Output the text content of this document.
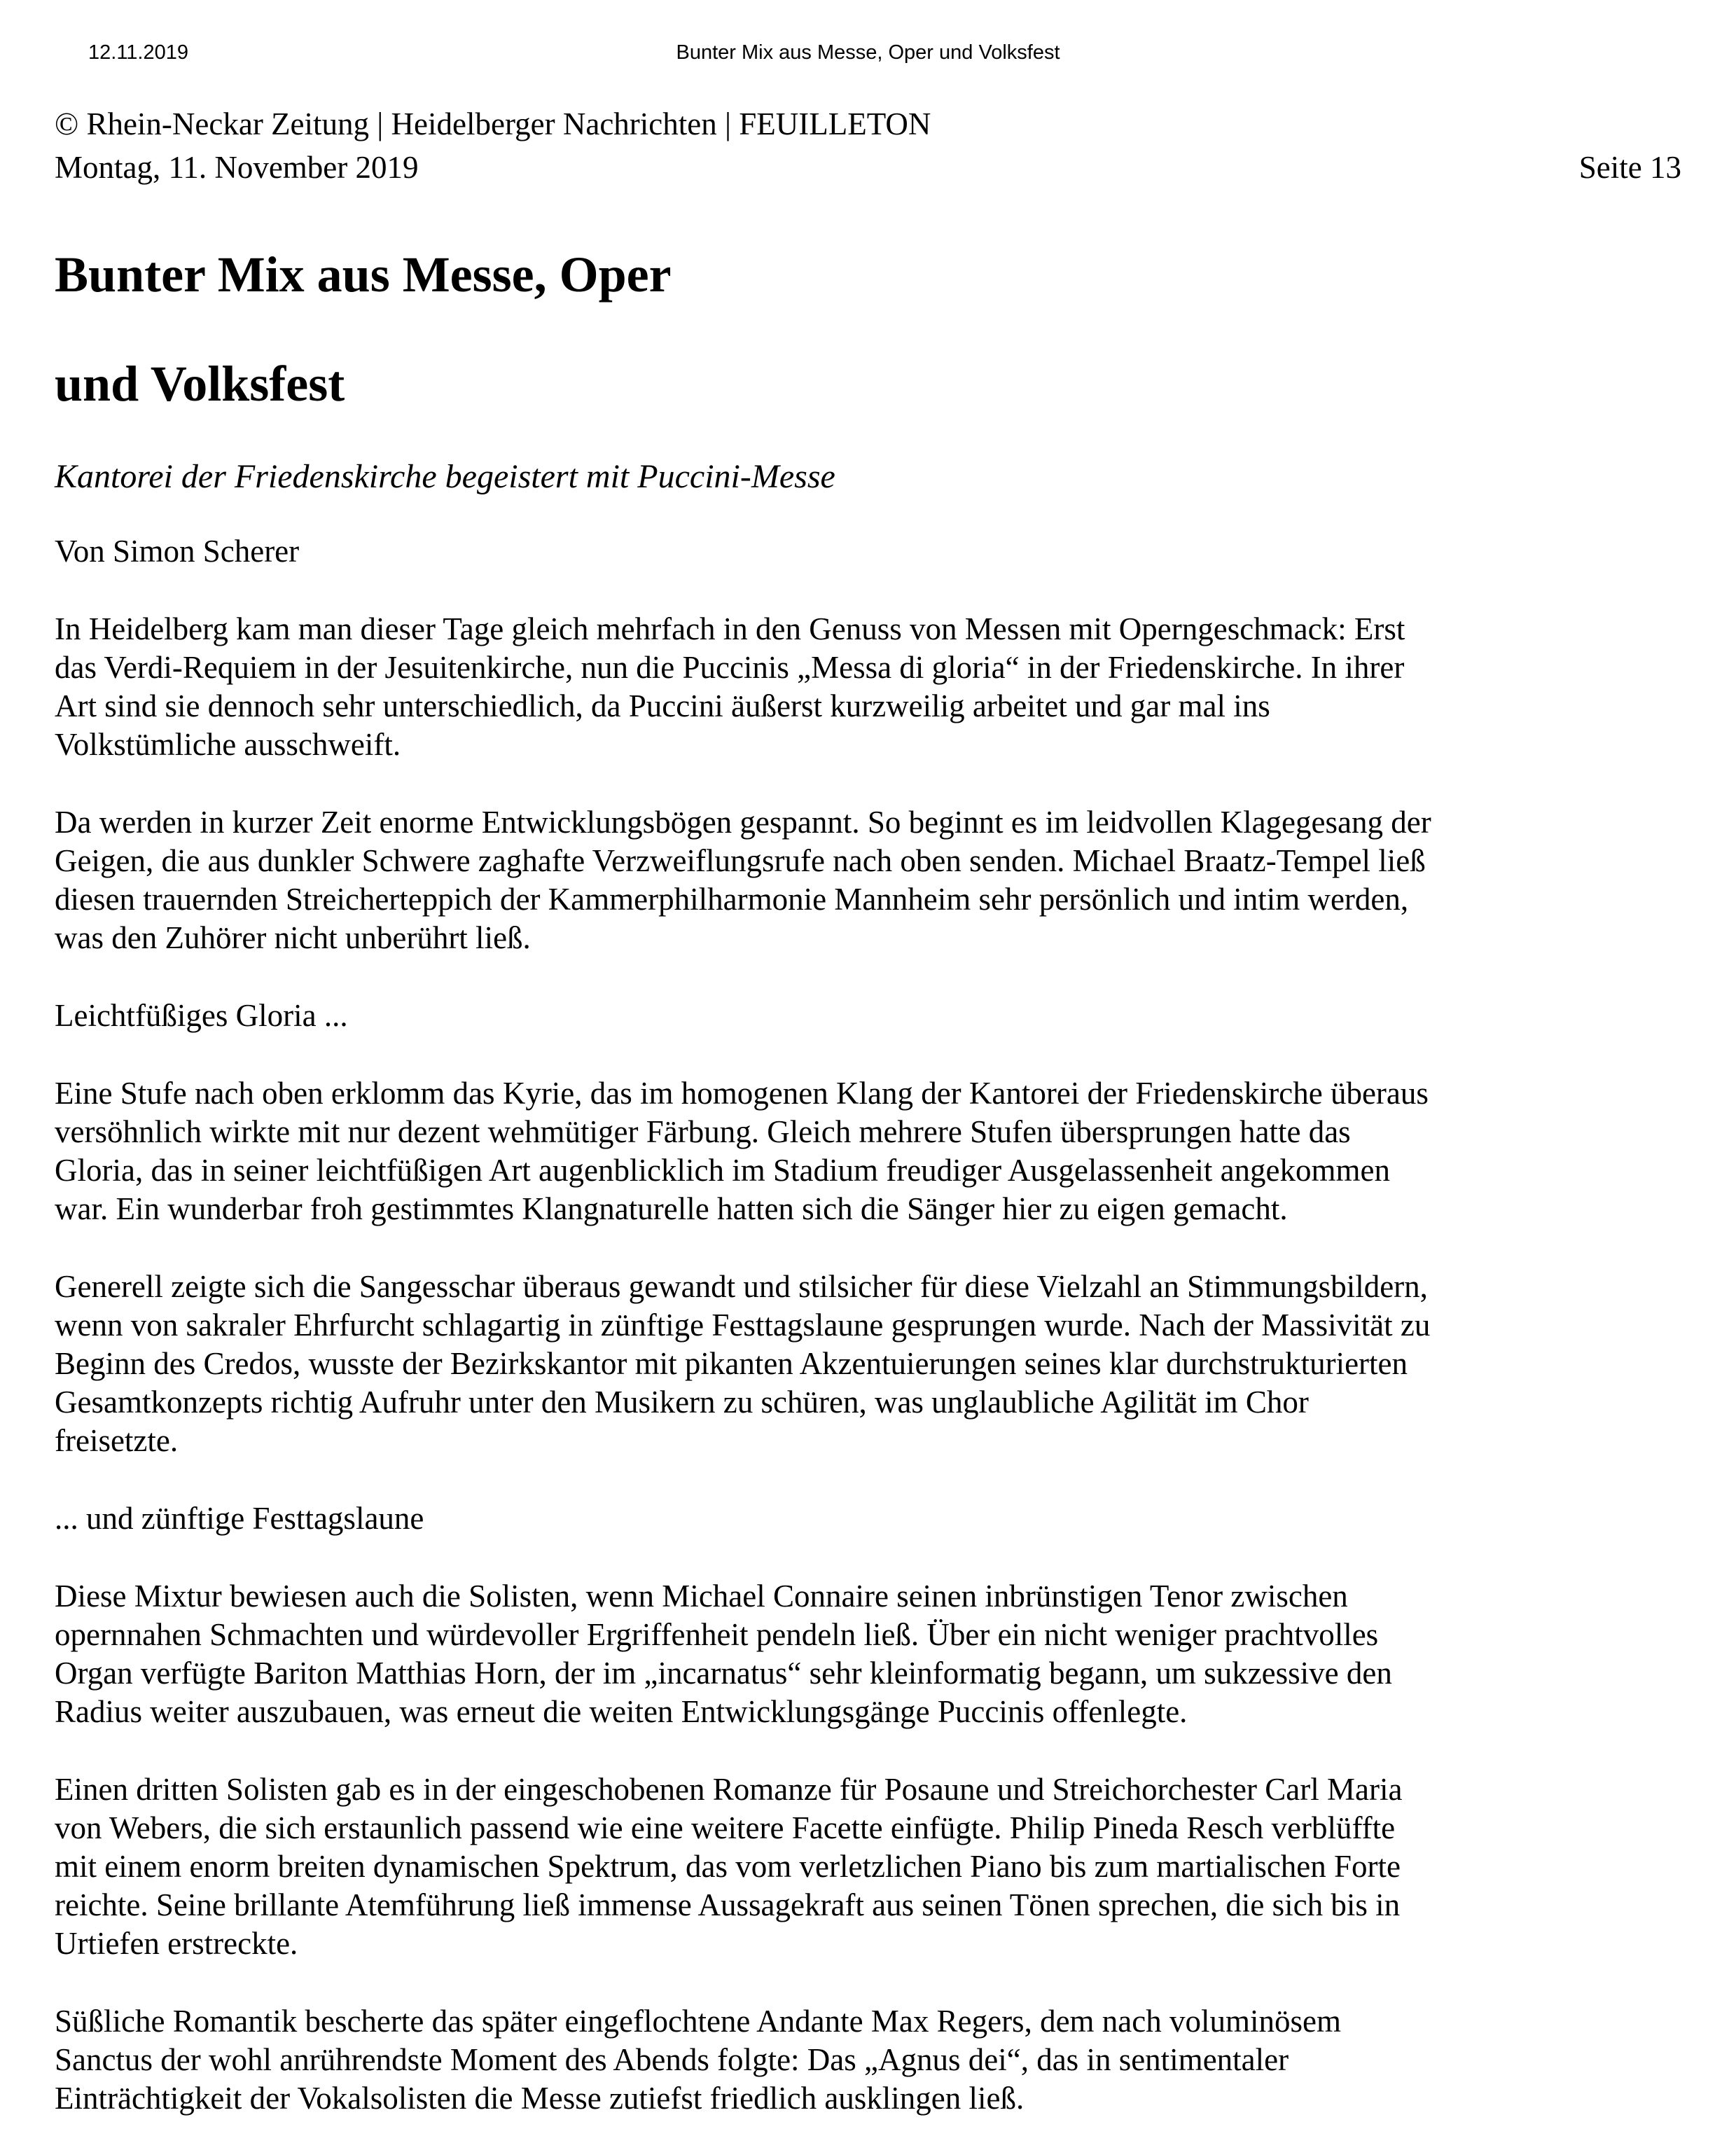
12.11.2019	Bunter Mix aus Messe, Oper und Volksfest
© Rhein-Neckar Zeitung | Heidelberger Nachrichten | FEUILLETON
Montag, 11. November 2019	Seite 13
Bunter Mix aus Messe, Oper
und Volksfest
Kantorei der Friedenskirche begeistert mit Puccini-Messe
Von Simon Scherer
In Heidelberg kam man dieser Tage gleich mehrfach in den Genuss von Messen mit Operngeschmack: Erst
das Verdi-Requiem in der Jesuitenkirche, nun die Puccinis „Messa di gloria“ in der Friedenskirche. In ihrer
Art sind sie dennoch sehr unterschiedlich, da Puccini äußerst kurzweilig arbeitet und gar mal ins
Volkstümliche ausschweift.
Da werden in kurzer Zeit enorme Entwicklungsbögen gespannt. So beginnt es im leidvollen Klagegesang der
Geigen, die aus dunkler Schwere zaghafte Verzweiflungsrufe nach oben senden. Michael Braatz-Tempel ließ
diesen trauernden Streicherteppich der Kammerphilharmonie Mannheim sehr persönlich und intim werden,
was den Zuhörer nicht unberührt ließ.
Leichtfüßiges Gloria ...
Eine Stufe nach oben erklomm das Kyrie, das im homogenen Klang der Kantorei der Friedenskirche überaus
versöhnlich wirkte mit nur dezent wehmütiger Färbung. Gleich mehrere Stufen übersprungen hatte das
Gloria, das in seiner leichtfüßigen Art augenblicklich im Stadium freudiger Ausgelassenheit angekommen
war. Ein wunderbar froh gestimmtes Klangnaturelle hatten sich die Sänger hier zu eigen gemacht.
Generell zeigte sich die Sangesschar überaus gewandt und stilsicher für diese Vielzahl an Stimmungsbildern,
wenn von sakraler Ehrfurcht schlagartig in zünftige Festtagslaune gesprungen wurde. Nach der Massivität zu
Beginn des Credos, wusste der Bezirkskantor mit pikanten Akzentuierungen seines klar durchstrukturierten
Gesamtkonzepts richtig Aufruhr unter den Musikern zu schüren, was unglaubliche Agilität im Chor
freisetzte.
... und zünftige Festtagslaune
Diese Mixtur bewiesen auch die Solisten, wenn Michael Connaire seinen inbrünstigen Tenor zwischen
opernnahen Schmachten und würdevoller Ergriffenheit pendeln ließ. Über ein nicht weniger prachtvolles
Organ verfügte Bariton Matthias Horn, der im „incarnatus“ sehr kleinformatig begann, um sukzessive den
Radius weiter auszubauen, was erneut die weiten Entwicklungsgänge Puccinis offenlegte.
Einen dritten Solisten gab es in der eingeschobenen Romanze für Posaune und Streichorchester Carl Maria
von Webers, die sich erstaunlich passend wie eine weitere Facette einfügte. Philip Pineda Resch verblüffte
mit einem enorm breiten dynamischen Spektrum, das vom verletzlichen Piano bis zum martialischen Forte
reichte. Seine brillante Atemführung ließ immense Aussagekraft aus seinen Tönen sprechen, die sich bis in
Urtiefen erstreckte.
Süßliche Romantik bescherte das später eingeflochtene Andante Max Regers, dem nach voluminösem
Sanctus der wohl anrührendste Moment des Abends folgte: Das „Agnus dei“, das in sentimentaler
Einträchtigkeit der Vokalsolisten die Messe zutiefst friedlich ausklingen ließ.
